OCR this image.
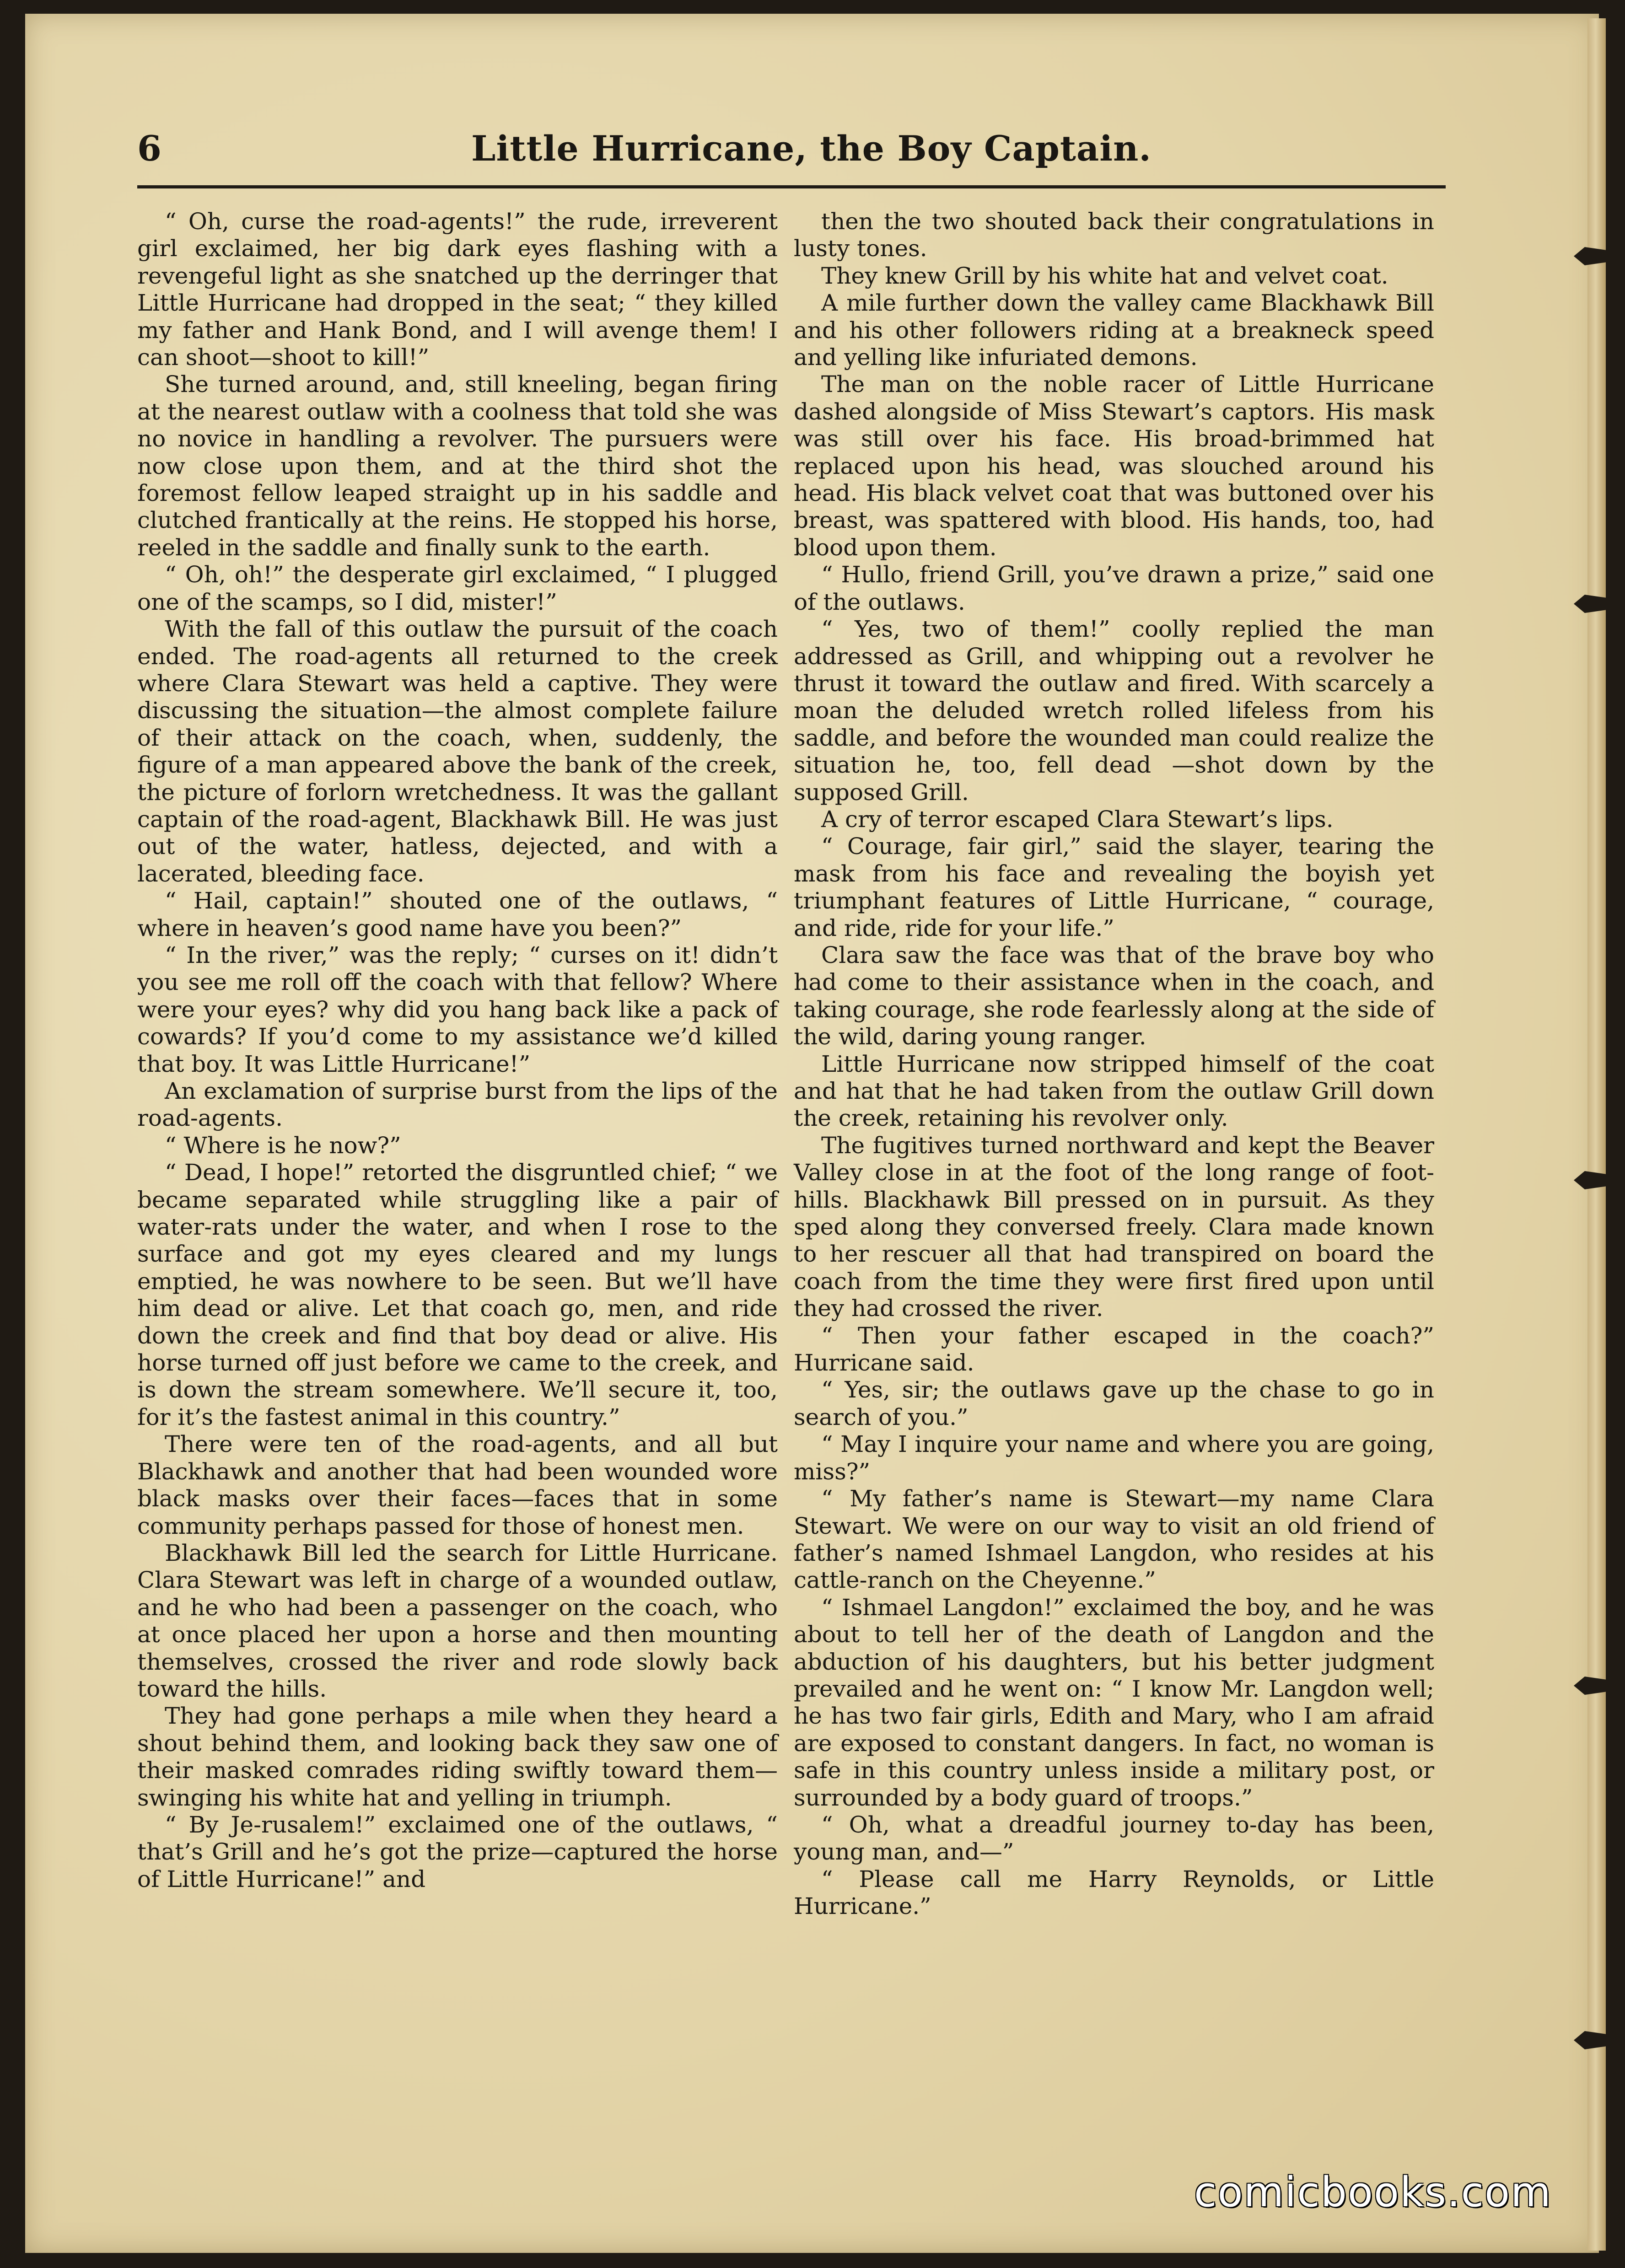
6	Little Hurricane, the Boy Captain.

“ Oh, curse the road-agents!” the rude, irreverent girl exclaimed, her big dark eyes flashing with a revengeful light as she snatched up the derringer that Little Hurricane had dropped in the seat; “ they killed my father and Hank Bond, and I will avenge them! I can shoot—shoot to kill!”

She turned around, and, still kneeling, began firing at the nearest outlaw with a coolness that told she was no novice in handling a revolver. The pursuers were now close upon them, and at the third shot the foremost fellow leaped straight up in his saddle and clutched frantically at the reins. He stopped his horse, reeled in the saddle and finally sunk to the earth.

“ Oh, oh!” the desperate girl exclaimed, “ I plugged one of the scamps, so I did, mister!”

With the fall of this outlaw the pursuit of the coach ended. The road-agents all returned to the creek where Clara Stewart was held a captive. They were discussing the situation—the almost complete failure of their attack on the coach, when, suddenly, the figure of a man appeared above the bank of the creek, the picture of forlorn wretchedness. It was the gallant captain of the road-agent, Blackhawk Bill. He was just out of the water, hatless, dejected, and with a lacerated, bleeding face.

“ Hail, captain!” shouted one of the outlaws, “ where in heaven’s good name have you been?”

“ In the river,” was the reply; “ curses on it! didn’t you see me roll off the coach with that fellow? Where were your eyes? why did you hang back like a pack of cowards? If you’d come to my assistance we’d killed that boy. It was Little Hurricane!”

An exclamation of surprise burst from the lips of the road-agents.

“ Where is he now?”

“ Dead, I hope!” retorted the disgruntled chief; “ we became separated while struggling like a pair of water-rats under the water, and when I rose to the surface and got my eyes cleared and my lungs emptied, he was nowhere to be seen. But we’ll have him dead or alive. Let that coach go, men, and ride down the creek and find that boy dead or alive. His horse turned off just before we came to the creek, and is down the stream somewhere. We’ll secure it, too, for it’s the fastest animal in this country.”

There were ten of the road-agents, and all but Blackhawk and another that had been wounded wore black masks over their faces—faces that in some community perhaps passed for those of honest men.

Blackhawk Bill led the search for Little Hurricane. Clara Stewart was left in charge of a wounded outlaw, and he who had been a passenger on the coach, who at once placed her upon a horse and then mounting themselves, crossed the river and rode slowly back toward the hills.

They had gone perhaps a mile when they heard a shout behind them, and looking back they saw one of their masked comrades riding swiftly toward them—swinging his white hat and yelling in triumph.

“ By Je-rusalem!” exclaimed one of the outlaws, “ that’s Grill and he’s got the prize—captured the horse of Little Hurricane!” and

then the two shouted back their congratulations in lusty tones.

They knew Grill by his white hat and velvet coat.

A mile further down the valley came Blackhawk Bill and his other followers riding at a breakneck speed and yelling like infuriated demons.

The man on the noble racer of Little Hurricane dashed alongside of Miss Stewart’s captors. His mask was still over his face. His broad-brimmed hat replaced upon his head, was slouched around his head. His black velvet coat that was buttoned over his breast, was spattered with blood. His hands, too, had blood upon them.

“ Hullo, friend Grill, you’ve drawn a prize,” said one of the outlaws.

“ Yes, two of them!” coolly replied the man addressed as Grill, and whipping out a revolver he thrust it toward the outlaw and fired. With scarcely a moan the deluded wretch rolled lifeless from his saddle, and before the wounded man could realize the situation he, too, fell dead —shot down by the supposed Grill.

A cry of terror escaped Clara Stewart’s lips.

“ Courage, fair girl,” said the slayer, tearing the mask from his face and revealing the boyish yet triumphant features of Little Hurricane, “ courage, and ride, ride for your life.”

Clara saw the face was that of the brave boy who had come to their assistance when in the coach, and taking courage, she rode fearlessly along at the side of the wild, daring young ranger.

Little Hurricane now stripped himself of the coat and hat that he had taken from the outlaw Grill down the creek, retaining his revolver only.

The fugitives turned northward and kept the Beaver Valley close in at the foot of the long range of foot-hills. Blackhawk Bill pressed on in pursuit. As they sped along they conversed freely. Clara made known to her rescuer all that had transpired on board the coach from the time they were first fired upon until they had crossed the river.

“ Then your father escaped in the coach?” Hurricane said.

“ Yes, sir; the outlaws gave up the chase to go in search of you.”

“ May I inquire your name and where you are going, miss?”

“ My father’s name is Stewart—my name Clara Stewart. We were on our way to visit an old friend of father’s named Ishmael Langdon, who resides at his cattle-ranch on the Cheyenne.”

“ Ishmael Langdon!” exclaimed the boy, and he was about to tell her of the death of Langdon and the abduction of his daughters, but his better judgment prevailed and he went on: “ I know Mr. Langdon well; he has two fair girls, Edith and Mary, who I am afraid are exposed to constant dangers. In fact, no woman is safe in this country unless inside a military post, or surrounded by a body guard of troops.”

“ Oh, what a dreadful journey to-day has been, young man, and—”

“ Please call me Harry Reynolds, or Little Hurricane.”

comicbooks.com
